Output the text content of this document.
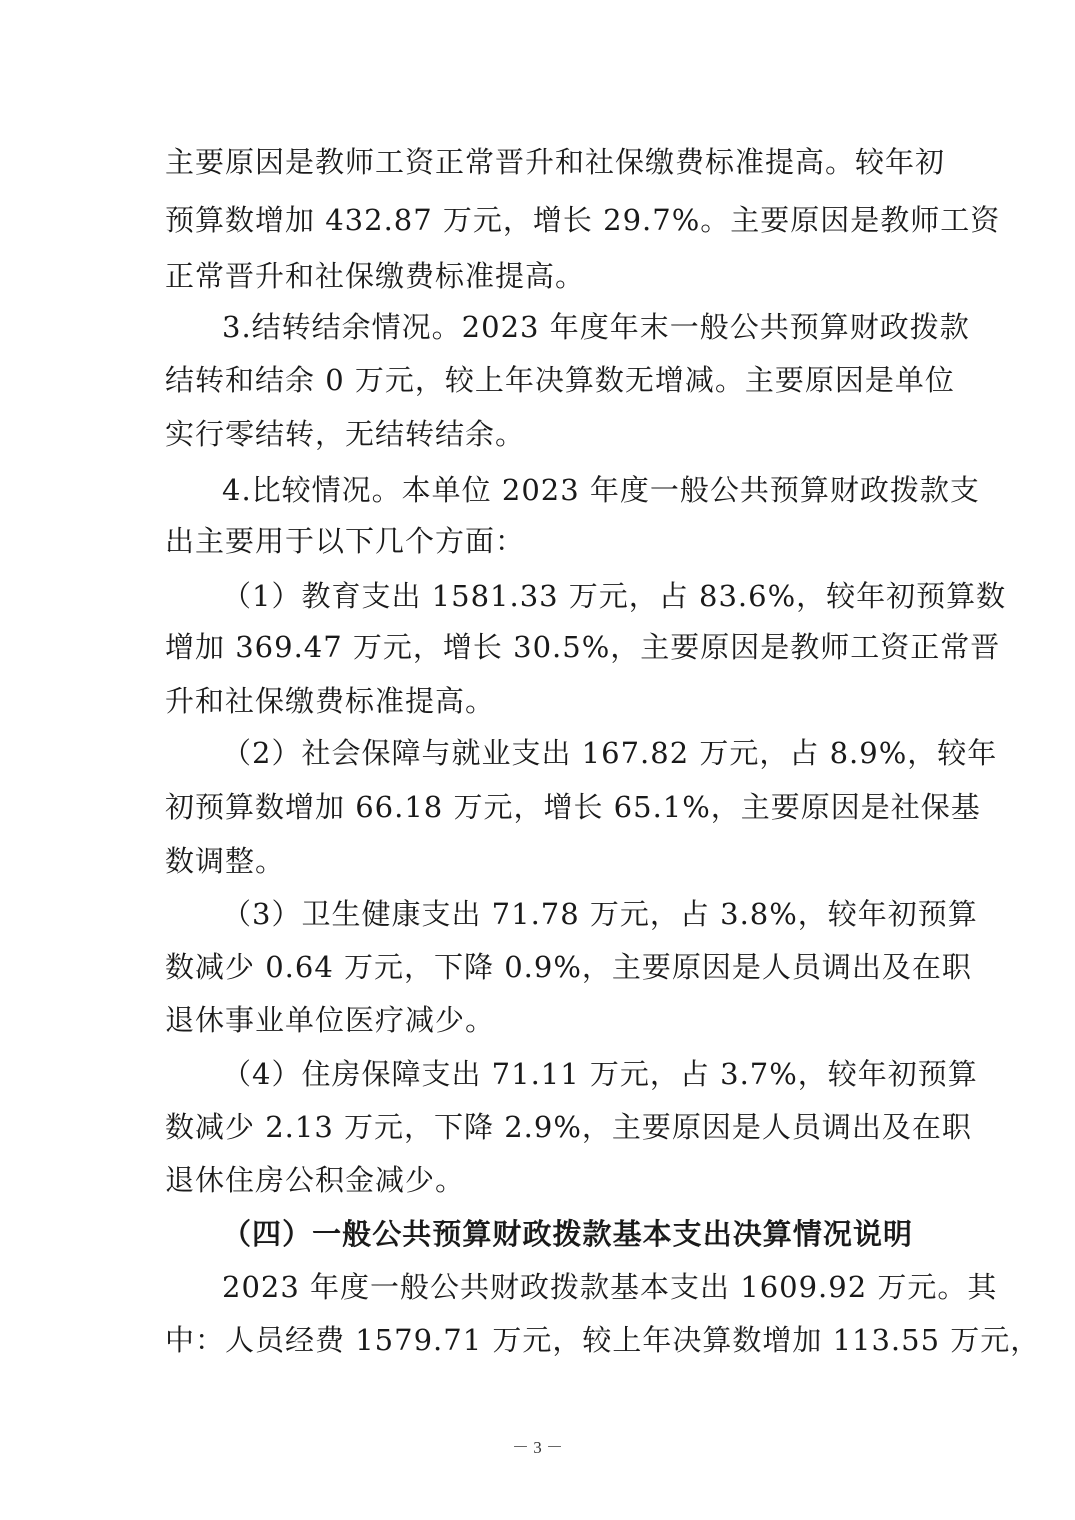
主要原因是教师工资正常晋升和社保缴费标准提高。较年初
预算数增加 432.87 万元，增长 29.7%。主要原因是教师工资
正常晋升和社保缴费标准提高。
3.结转结余情况。2023 年度年末一般公共预算财政拨款
结转和结余 0 万元，较上年决算数无增减。主要原因是单位
实行零结转，无结转结余。
4.比较情况。本单位 2023 年度一般公共预算财政拨款支
出主要用于以下几个方面：
（1）教育支出 1581.33 万元，占 83.6%，较年初预算数
增加 369.47 万元，增长 30.5%，主要原因是教师工资正常晋
升和社保缴费标准提高。
（2）社会保障与就业支出 167.82 万元，占 8.9%，较年
初预算数增加 66.18 万元，增长 65.1%，主要原因是社保基
数调整。
（3）卫生健康支出 71.78 万元，占 3.8%，较年初预算
数减少 0.64 万元，下降 0.9%，主要原因是人员调出及在职
退休事业单位医疗减少。
（4）住房保障支出 71.11 万元，占 3.7%，较年初预算
数减少 2.13 万元，下降 2.9%，主要原因是人员调出及在职
退休住房公积金减少。
（四）一般公共预算财政拨款基本支出决算情况说明
2023 年度一般公共财政拨款基本支出 1609.92 万元。其
中：人员经费 1579.71 万元，较上年决算数增加 113.55 万元，
－ 3 －
